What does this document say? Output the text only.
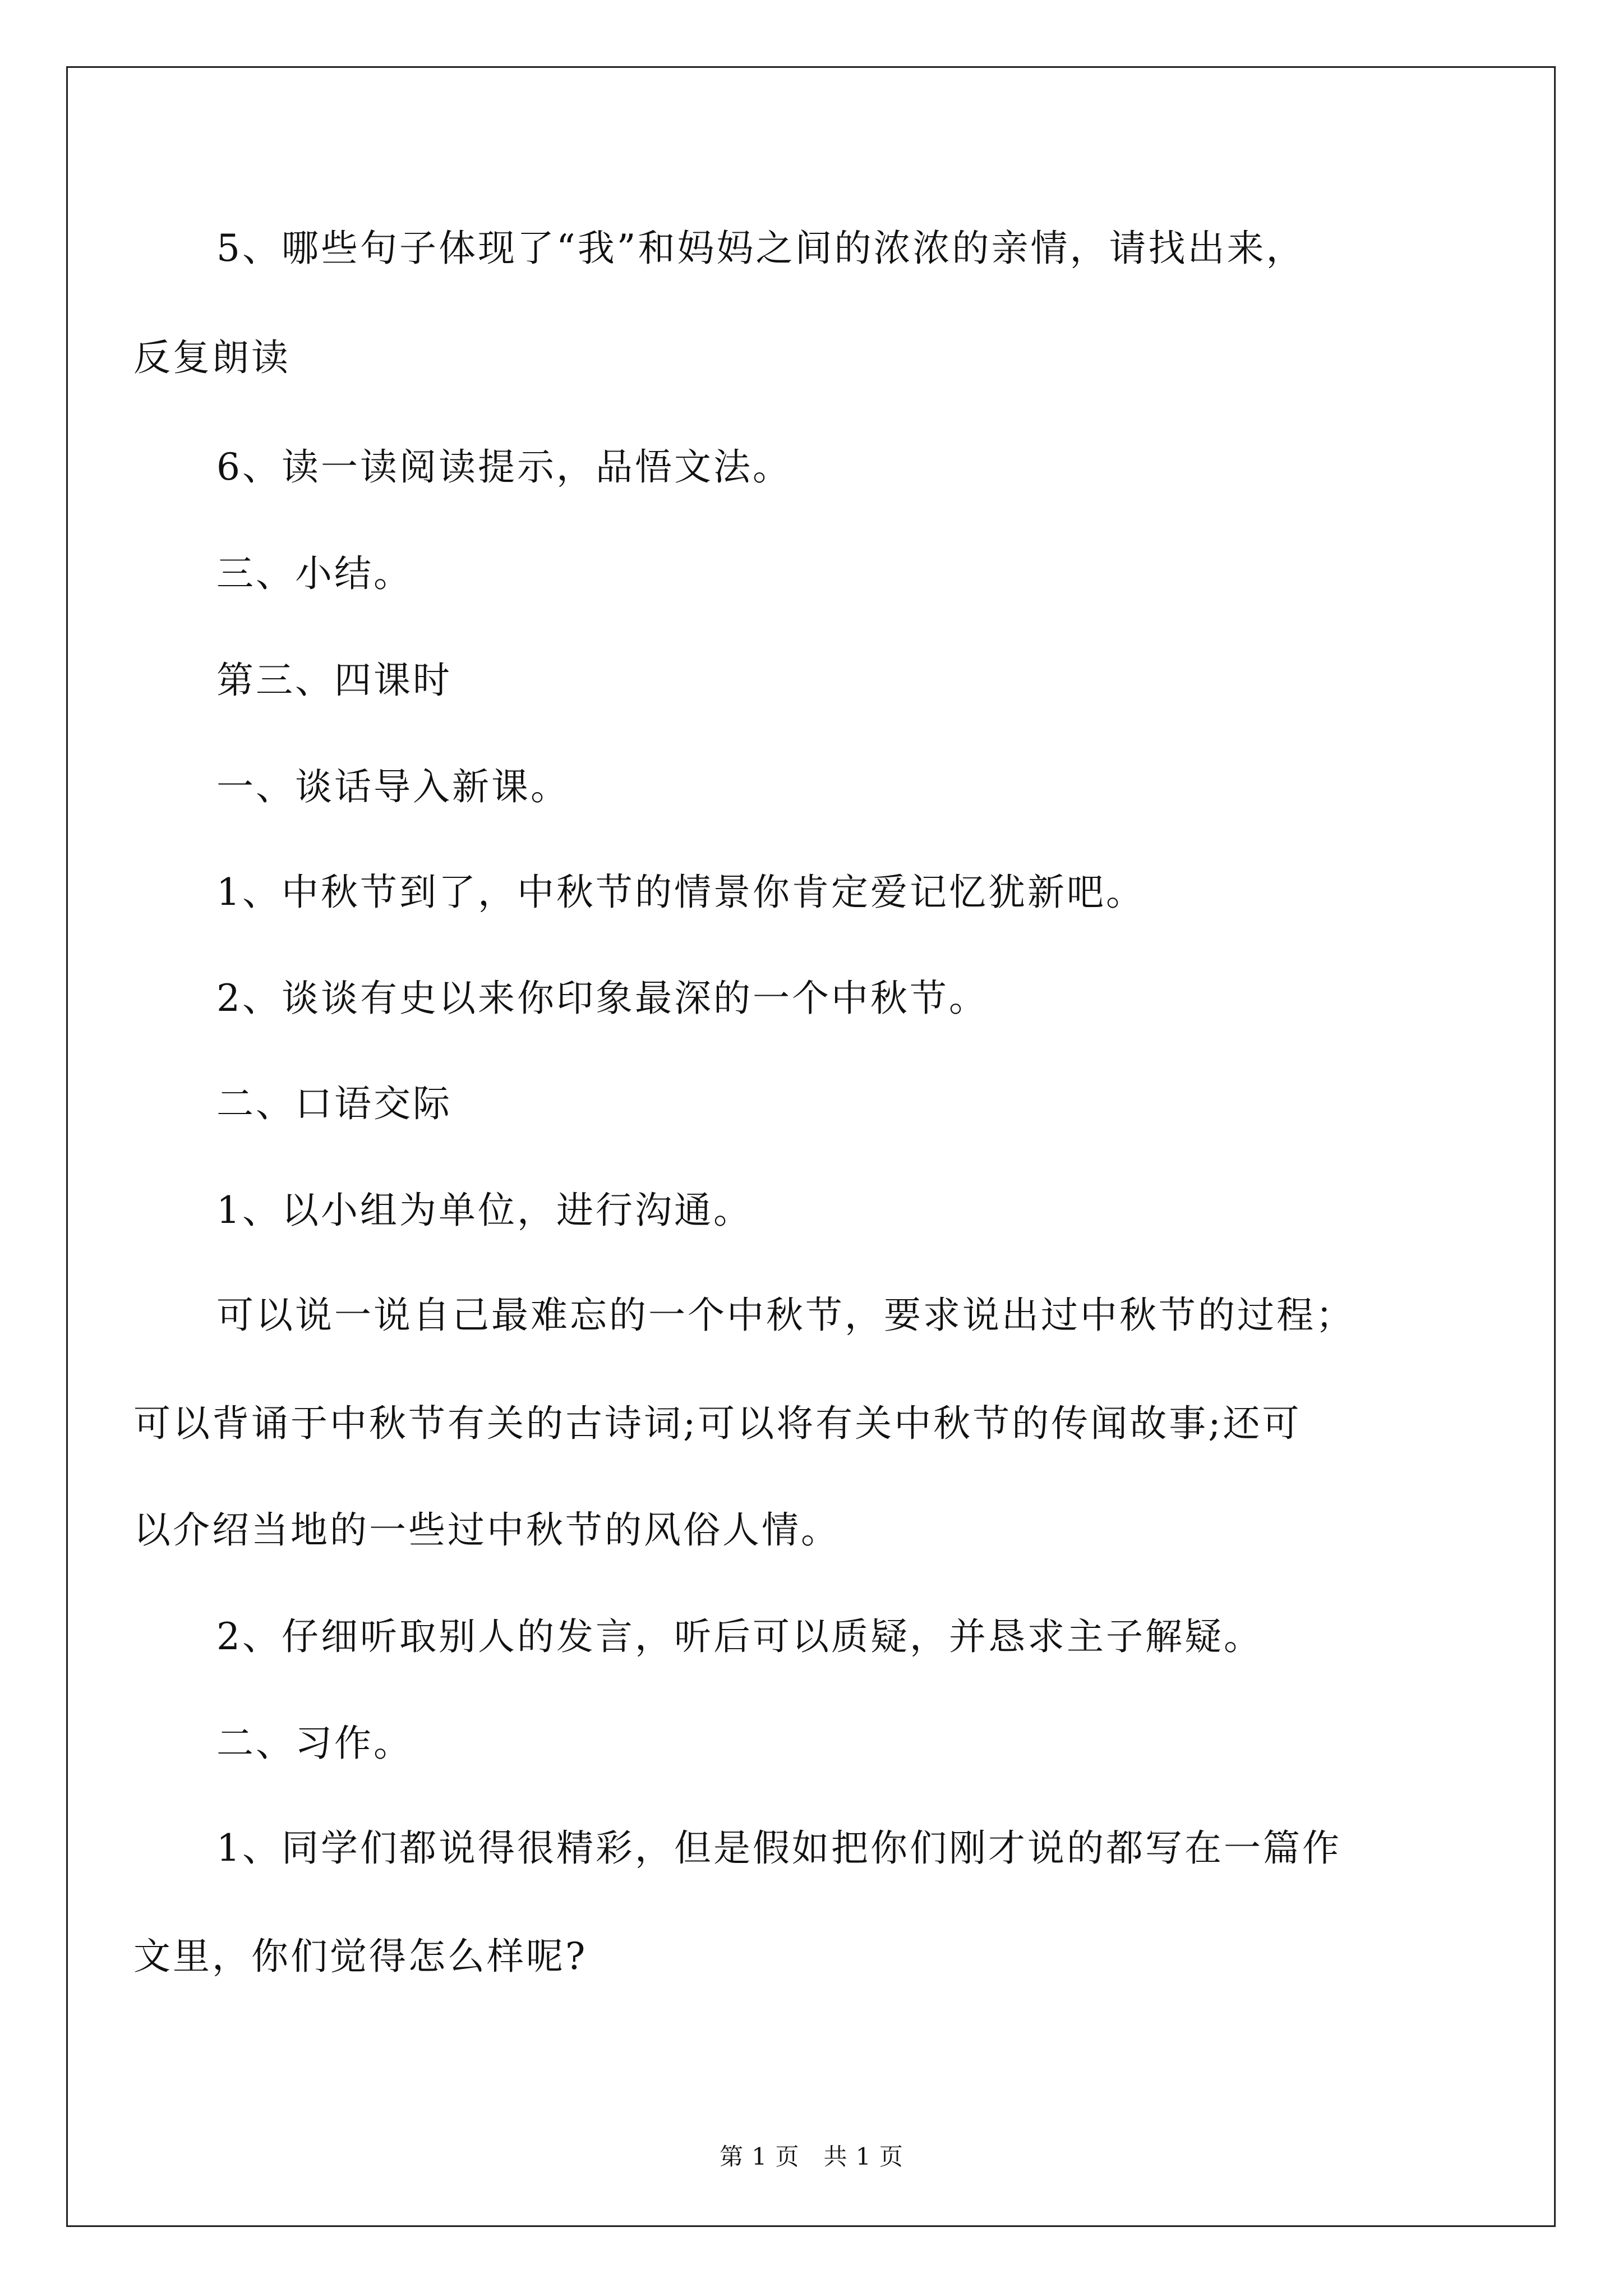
5、哪些句子体现了“我”和妈妈之间的浓浓的亲情，请找出来，
反复朗读
6、读一读阅读提示，品悟文法。
三、小结。
第三、四课时
一、谈话导入新课。
1、中秋节到了，中秋节的情景你肯定爱记忆犹新吧。
2、谈谈有史以来你印象最深的一个中秋节。
二、口语交际
1、以小组为单位，进行沟通。
可以说一说自己最难忘的一个中秋节，要求说出过中秋节的过程；
可以背诵于中秋节有关的古诗词;可以将有关中秋节的传闻故事;还可
以介绍当地的一些过中秋节的风俗人情。
2、仔细听取别人的发言，听后可以质疑，并恳求主子解疑。
二、习作。
1、同学们都说得很精彩，但是假如把你们刚才说的都写在一篇作
文里，你们觉得怎么样呢?
第 1 页　共 1 页
